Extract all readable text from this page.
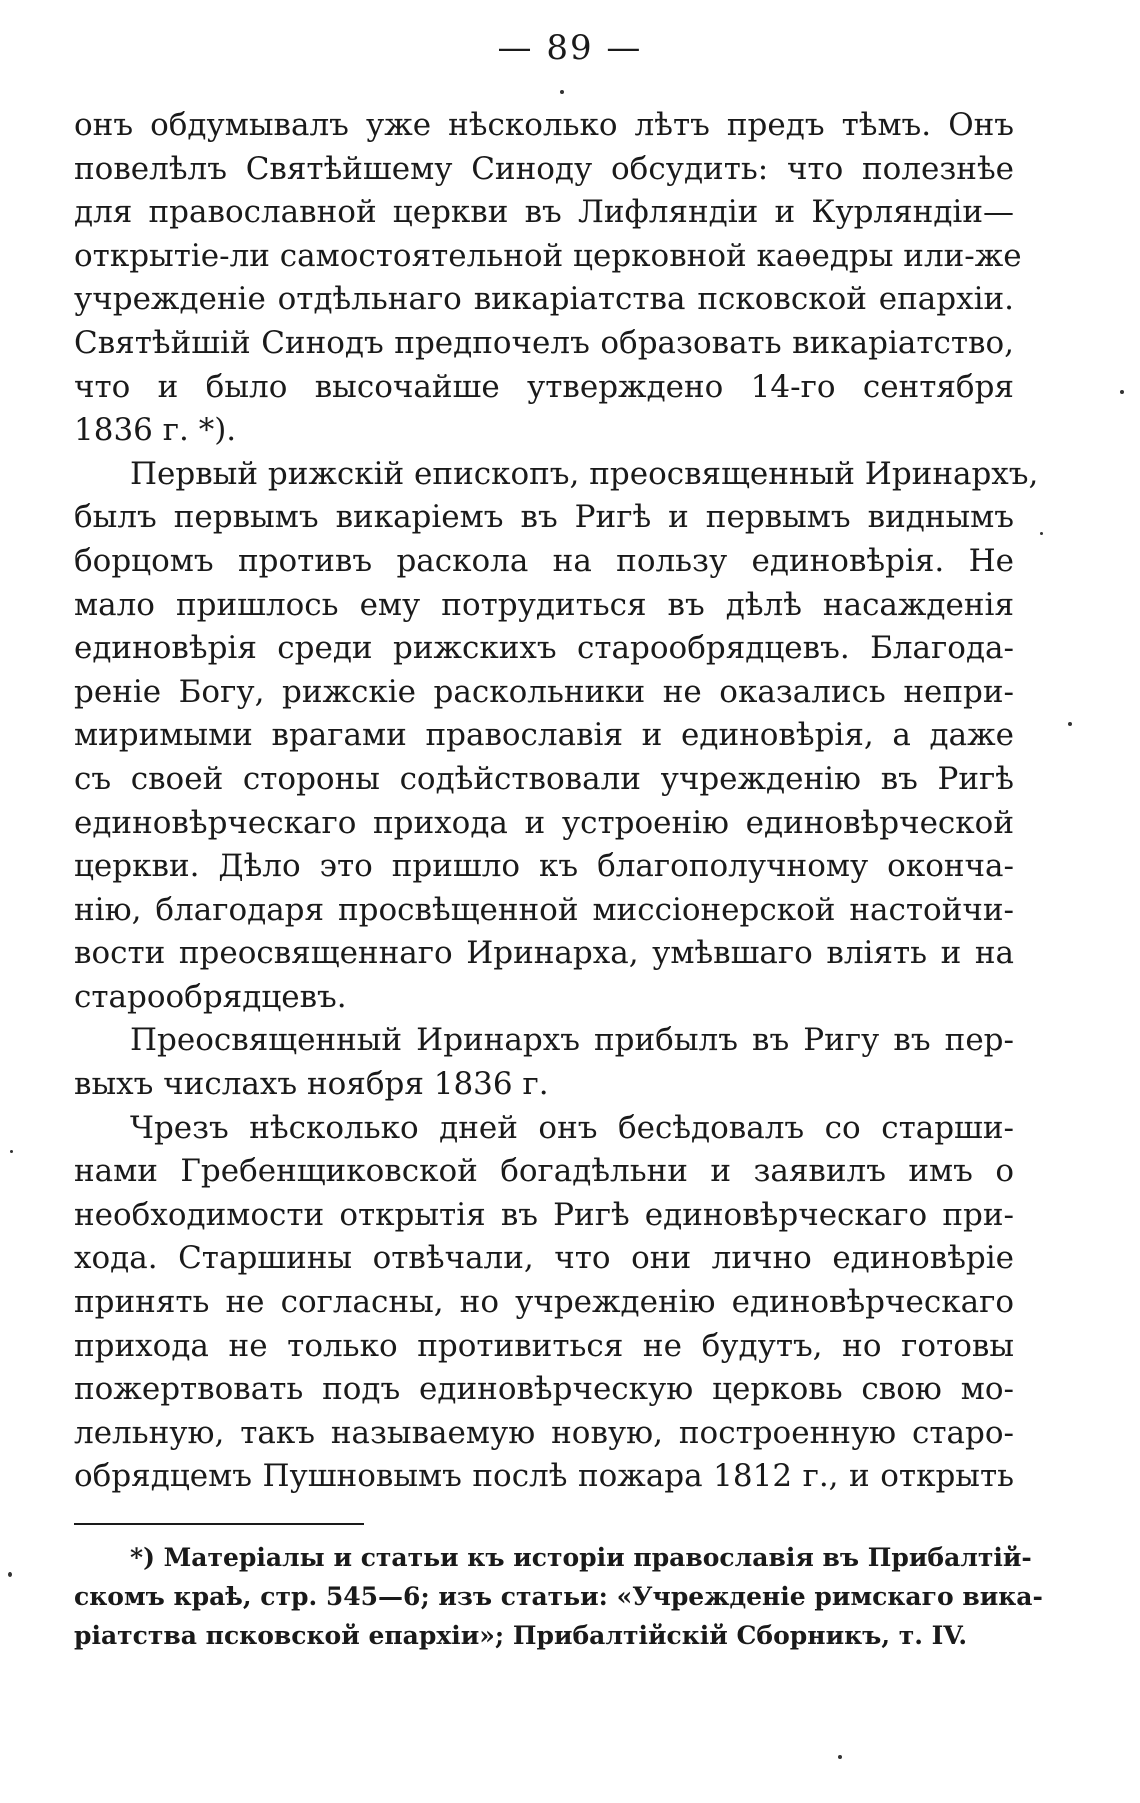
— 89 —

онъ обдумывалъ уже нѣсколько лѣтъ предъ тѣмъ. Онъ
повелѣлъ Святѣйшему Синоду обсудить: что полезнѣе
для православной церкви въ Лифляндіи и Курляндіи—
открытіе-ли самостоятельной церковной каѳедры или-же
учрежденіе отдѣльнаго викаріатства псковской епархіи.
Святѣйшій Синодъ предпочелъ образовать викаріатство,
что и было высочайше утверждено 14-го сентября
1836 г. *).

Первый рижскій епископъ, преосвященный Иринархъ,
былъ первымъ викаріемъ въ Ригѣ и первымъ виднымъ
борцомъ противъ раскола на пользу единовѣрія. Не
мало пришлось ему потрудиться въ дѣлѣ насажденія
единовѣрія среди рижскихъ старообрядцевъ. Благода-
реніе Богу, рижскіе раскольники не оказались непри-
миримыми врагами православія и единовѣрія, а даже
съ своей стороны содѣйствовали учрежденію въ Ригѣ
единовѣрческаго прихода и устроенію единовѣрческой
церкви. Дѣло это пришло къ благополучному оконча-
нію, благодаря просвѣщенной миссіонерской настойчи-
вости преосвященнаго Иринарха, умѣвшаго вліять и на
старообрядцевъ.

Преосвященный Иринархъ прибылъ въ Ригу въ пер-
выхъ числахъ ноября 1836 г.

Чрезъ нѣсколько дней онъ бесѣдовалъ со старши-
нами Гребенщиковской богадѣльни и заявилъ имъ о
необходимости открытія въ Ригѣ единовѣрческаго при-
хода. Старшины отвѣчали, что они лично единовѣріе
принять не согласны, но учрежденію единовѣрческаго
прихода не только противиться не будутъ, но готовы
пожертвовать подъ единовѣрческую церковь свою мо-
лельную, такъ называемую новую, построенную старо-
обрядцемъ Пушновымъ послѣ пожара 1812 г., и открыть

*) Матеріалы и статьи къ исторіи православія въ Прибалтій-
скомъ краѣ, стр. 545—6; изъ статьи: «Учрежденіе римскаго вика-
ріатства псковской епархіи»; Прибалтійскій Сборникъ, т. IV.
